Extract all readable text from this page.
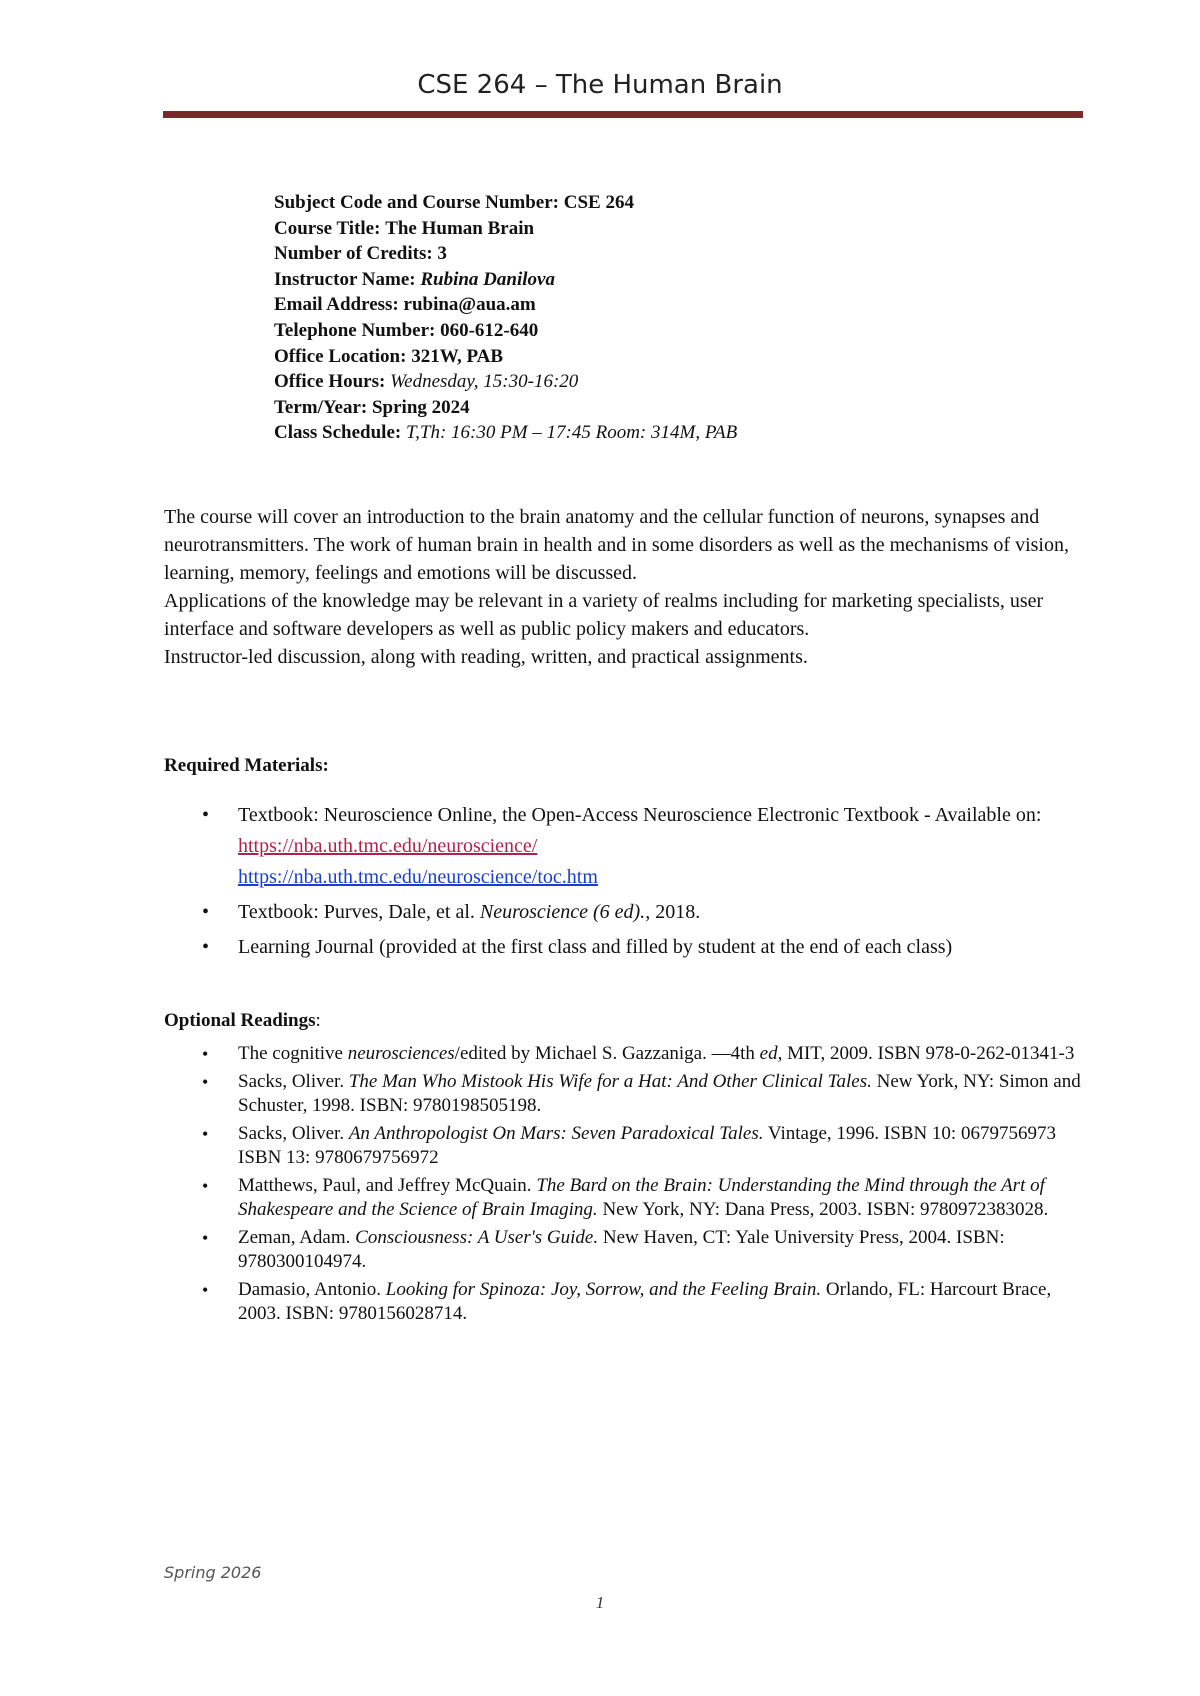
CSE 264 – The Human Brain
Subject Code and Course Number: CSE 264
Course Title: The Human Brain
Number of Credits: 3
Instructor Name: Rubina Danilova
Email Address: rubina@aua.am
Telephone Number: 060-612-640
Office Location: 321W, PAB
Office Hours: Wednesday, 15:30-16:20
Term/Year: Spring 2024
Class Schedule: T,Th: 16:30 PM – 17:45 Room: 314M, PAB

The course will cover an introduction to the brain anatomy and the cellular function of neurons, synapses and neurotransmitters. The work of human brain in health and in some disorders as well as the mechanisms of vision, learning, memory, feelings and emotions will be discussed.

Applications of the knowledge may be relevant in a variety of realms including for marketing specialists, user interface and software developers as well as public policy makers and educators.

Instructor-led discussion, along with reading, written, and practical assignments.

Required Materials:
• Textbook: Neuroscience Online, the Open-Access Neuroscience Electronic Textbook - Available on: https://nba.uth.tmc.edu/neuroscience/
https://nba.uth.tmc.edu/neuroscience/toc.htm
• Textbook: Purves, Dale, et al. Neuroscience (6 ed)., 2018.
• Learning Journal (provided at the first class and filled by student at the end of each class)
Optional Readings:
• The cognitive neurosciences/edited by Michael S. Gazzaniga. —4th ed, MIT, 2009. ISBN 978-0-262-01341-3
• Sacks, Oliver. The Man Who Mistook His Wife for a Hat: And Other Clinical Tales. New York, NY: Simon and Schuster, 1998. ISBN: 9780198505198.
• Sacks, Oliver. An Anthropologist On Mars: Seven Paradoxical Tales. Vintage, 1996. ISBN 10: 0679756973 ISBN 13: 9780679756972
• Matthews, Paul, and Jeffrey McQuain. The Bard on the Brain: Understanding the Mind through the Art of Shakespeare and the Science of Brain Imaging. New York, NY: Dana Press, 2003. ISBN: 9780972383028.
• Zeman, Adam. Consciousness: A User's Guide. New Haven, CT: Yale University Press, 2004. ISBN: 9780300104974.
• Damasio, Antonio. Looking for Spinoza: Joy, Sorrow, and the Feeling Brain. Orlando, FL: Harcourt Brace, 2003. ISBN: 9780156028714.
Spring 2026
1
